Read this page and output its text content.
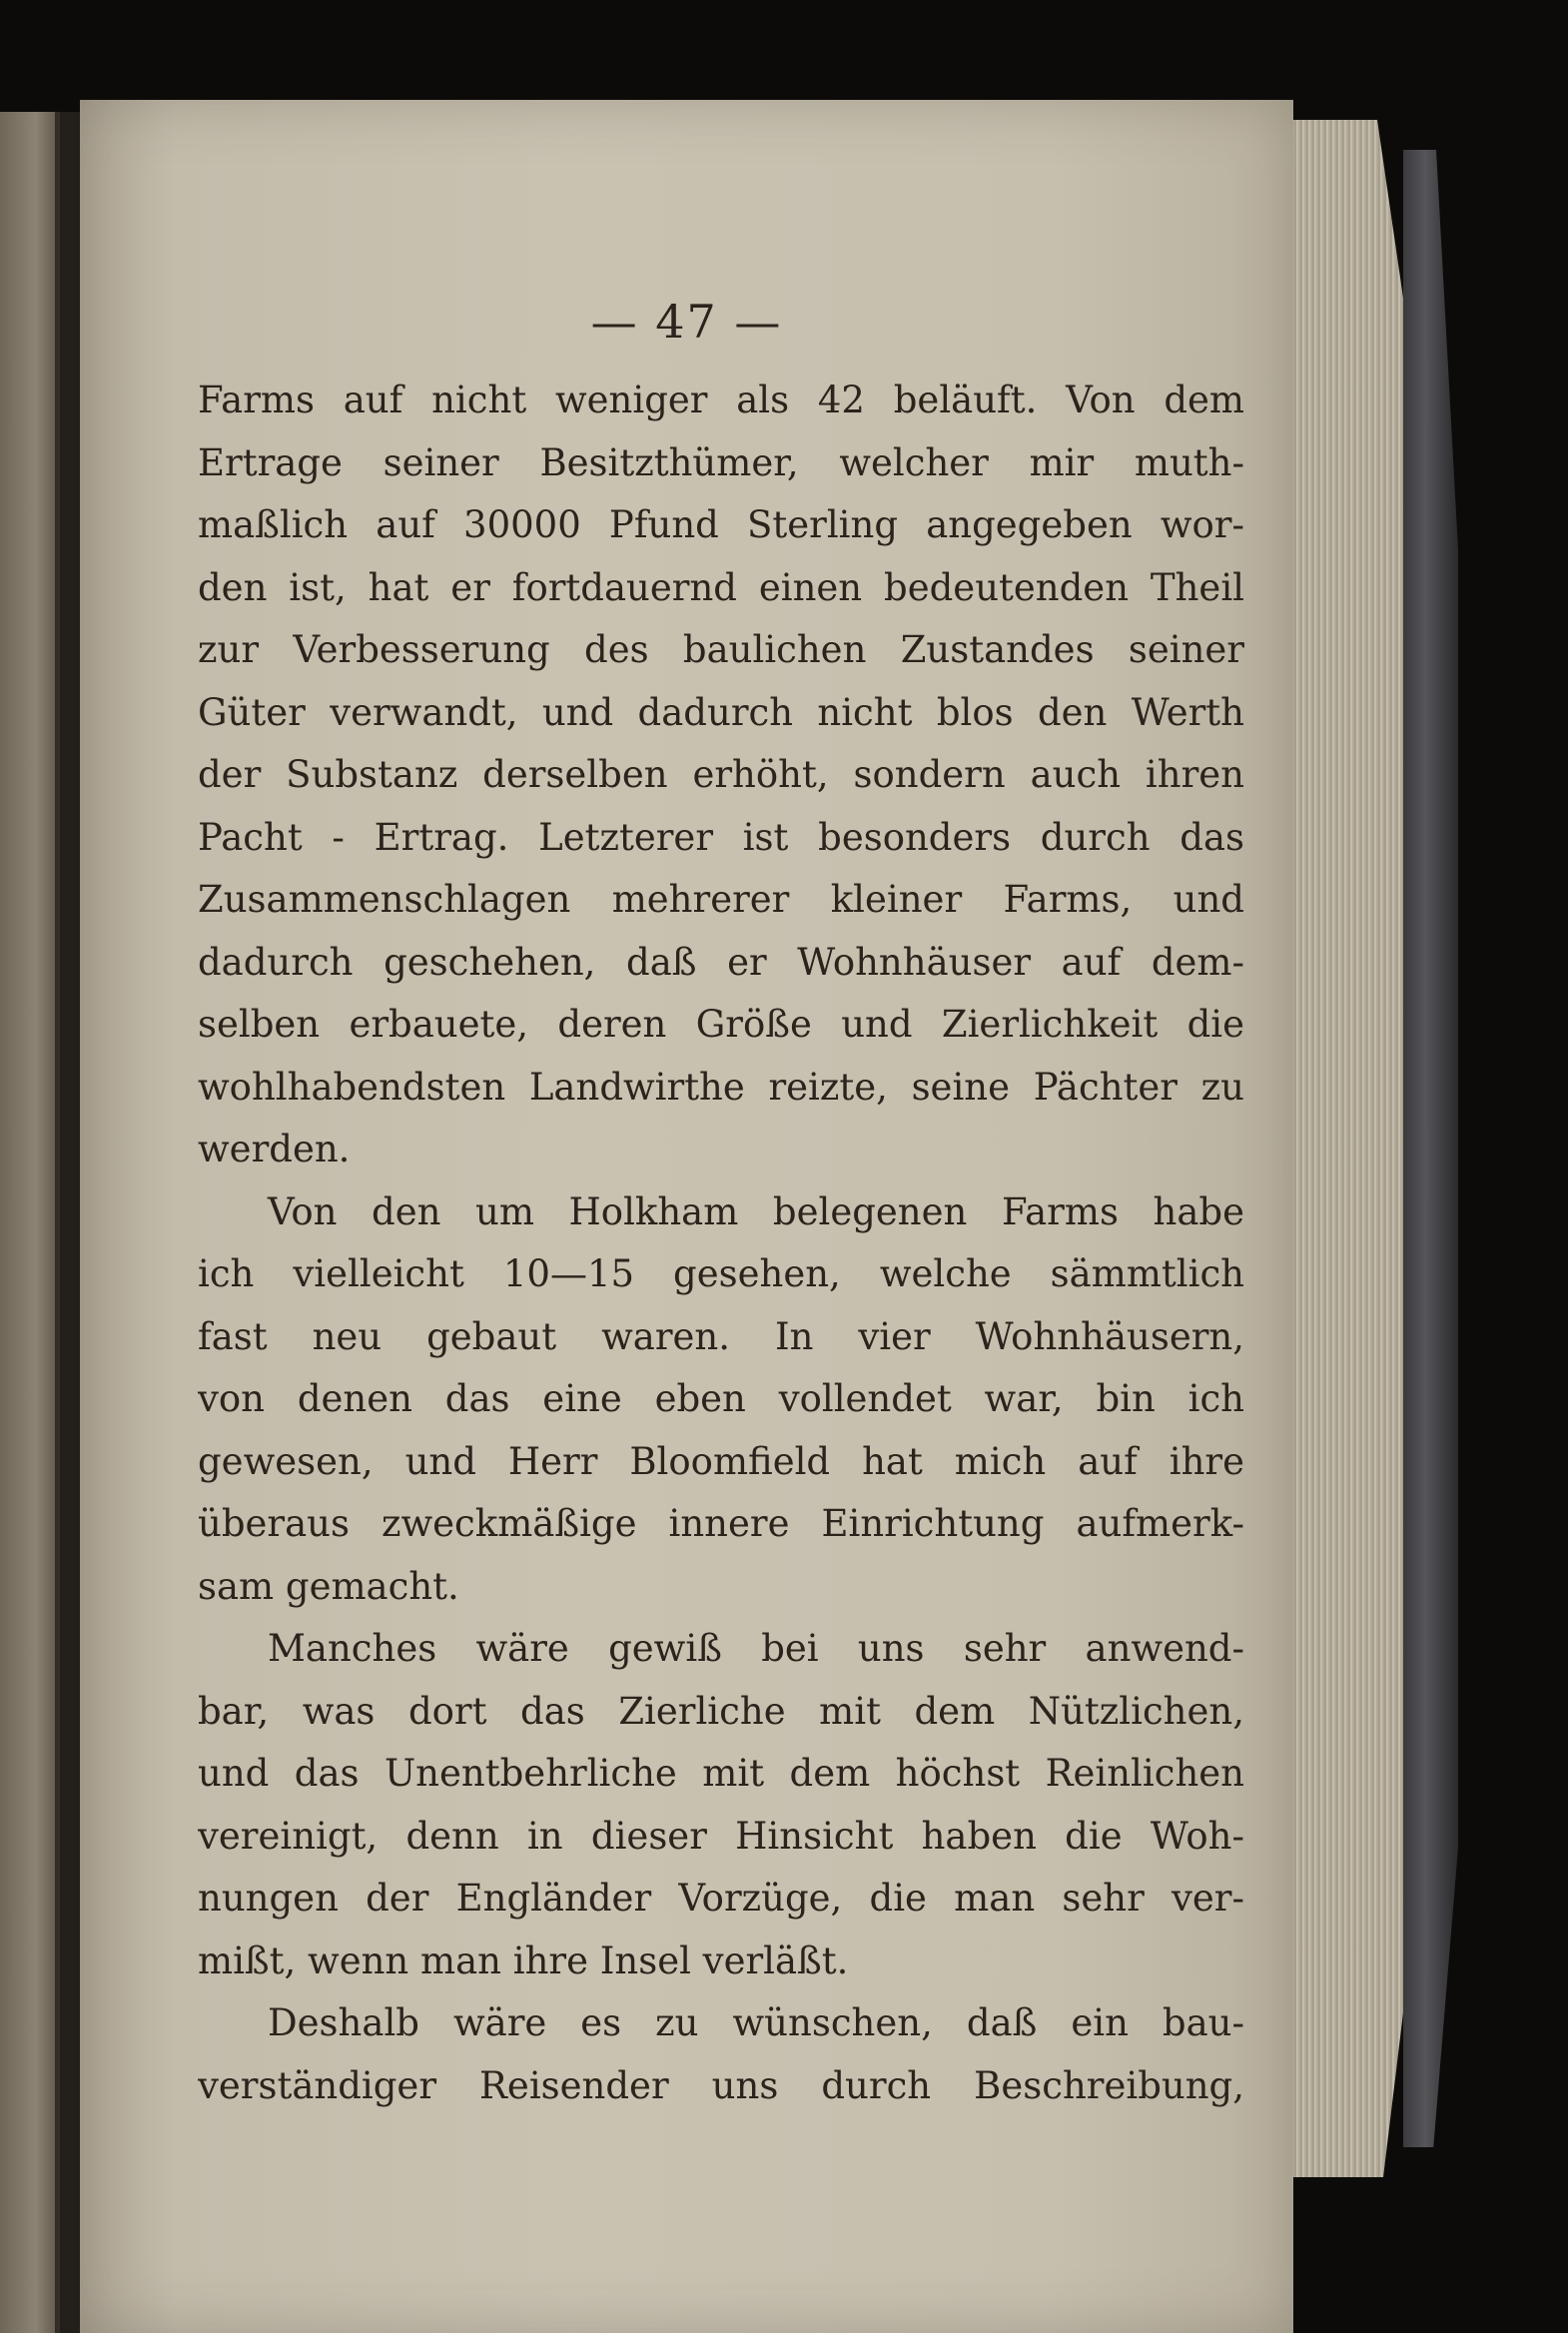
— 47 —
Farms auf nicht weniger als 42 beläuft. Von dem
Ertrage seiner Besitzthümer, welcher mir muth-
maßlich auf 30000 Pfund Sterling angegeben wor-
den ist, hat er fortdauernd einen bedeutenden Theil
zur Verbesserung des baulichen Zustandes seiner
Güter verwandt, und dadurch nicht blos den Werth
der Substanz derselben erhöht, sondern auch ihren
Pacht - Ertrag. Letzterer ist besonders durch das
Zusammenschlagen mehrerer kleiner Farms, und
dadurch geschehen, daß er Wohnhäuser auf dem-
selben erbauete, deren Größe und Zierlichkeit die
wohlhabendsten Landwirthe reizte, seine Pächter zu
werden.
Von den um Holkham belegenen Farms habe
ich vielleicht 10—15 gesehen, welche sämmtlich
fast neu gebaut waren. In vier Wohnhäusern,
von denen das eine eben vollendet war, bin ich
gewesen, und Herr Bloomfield hat mich auf ihre
überaus zweckmäßige innere Einrichtung aufmerk-
sam gemacht.
Manches wäre gewiß bei uns sehr anwend-
bar, was dort das Zierliche mit dem Nützlichen,
und das Unentbehrliche mit dem höchst Reinlichen
vereinigt, denn in dieser Hinsicht haben die Woh-
nungen der Engländer Vorzüge, die man sehr ver-
mißt, wenn man ihre Insel verläßt.
Deshalb wäre es zu wünschen, daß ein bau-
verständiger Reisender uns durch Beschreibung,
